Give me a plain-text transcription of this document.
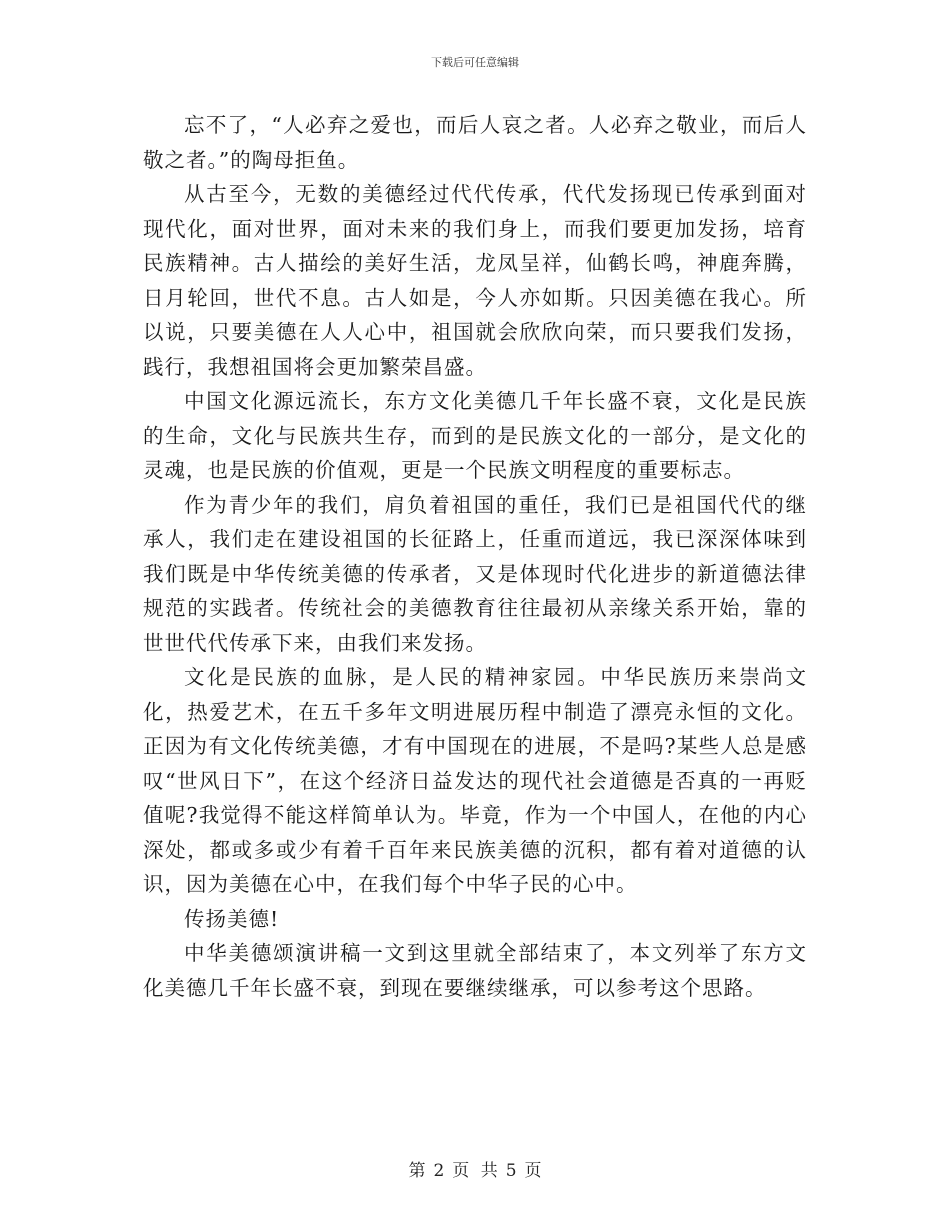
下载后可任意编辑

忘不了，“人必弃之爱也，而后人哀之者。人必弃之敬业，而后人敬之者。”的陶母拒鱼。

从古至今，无数的美德经过代代传承，代代发扬现已传承到面对现代化，面对世界，面对未来的我们身上，而我们要更加发扬，培育民族精神。古人描绘的美好生活，龙凤呈祥，仙鹤长鸣，神鹿奔腾，日月轮回，世代不息。古人如是，今人亦如斯。只因美德在我心。所以说，只要美德在人人心中，祖国就会欣欣向荣，而只要我们发扬，践行，我想祖国将会更加繁荣昌盛。

中国文化源远流长，东方文化美德几千年长盛不衰，文化是民族的生命，文化与民族共生存，而到的是民族文化的一部分，是文化的灵魂，也是民族的价值观，更是一个民族文明程度的重要标志。

作为青少年的我们，肩负着祖国的重任，我们已是祖国代代的继承人，我们走在建设祖国的长征路上，任重而道远，我已深深体味到我们既是中华传统美德的传承者，又是体现时代化进步的新道德法律规范的实践者。传统社会的美德教育往往最初从亲缘关系开始，靠的世世代代传承下来，由我们来发扬。

文化是民族的血脉，是人民的精神家园。中华民族历来崇尚文化，热爱艺术，在五千多年文明进展历程中制造了漂亮永恒的文化。正因为有文化传统美德，才有中国现在的进展，不是吗?某些人总是感叹“世风日下”，在这个经济日益发达的现代社会道德是否真的一再贬值呢?我觉得不能这样简单认为。毕竟，作为一个中国人，在他的内心深处，都或多或少有着千百年来民族美德的沉积，都有着对道德的认识，因为美德在心中，在我们每个中华子民的心中。

传扬美德!

中华美德颂演讲稿一文到这里就全部结束了，本文列举了东方文化美德几千年长盛不衰，到现在要继续继承，可以参考这个思路。

第 2 页 共 5 页
